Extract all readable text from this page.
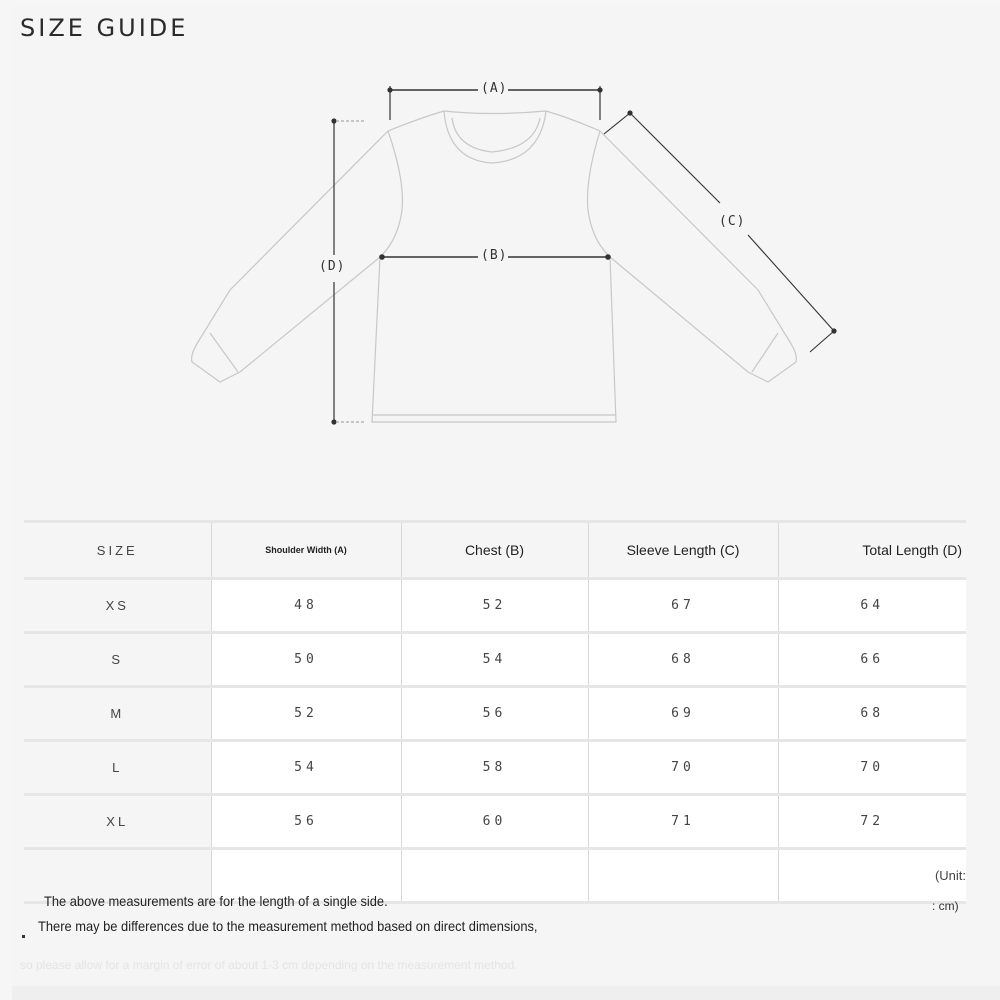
SIZE GUIDE
(A)
(B)
(C)
(D)
SIZE	Shoulder Width (A)	Chest (B)	Sleeve Length (C)	Total Length (D)
XS	48	52	67	64
S	50	54	68	66
M	52	56	69	68
L	54	58	70	70
XL	56	60	71	72
				(Unit:
The above measurements are for the length of a single side.	: cm)
There may be differences due to the measurement method based on direct dimensions,
so please allow for a margin of error of about 1-3 cm depending on the measurement method.
